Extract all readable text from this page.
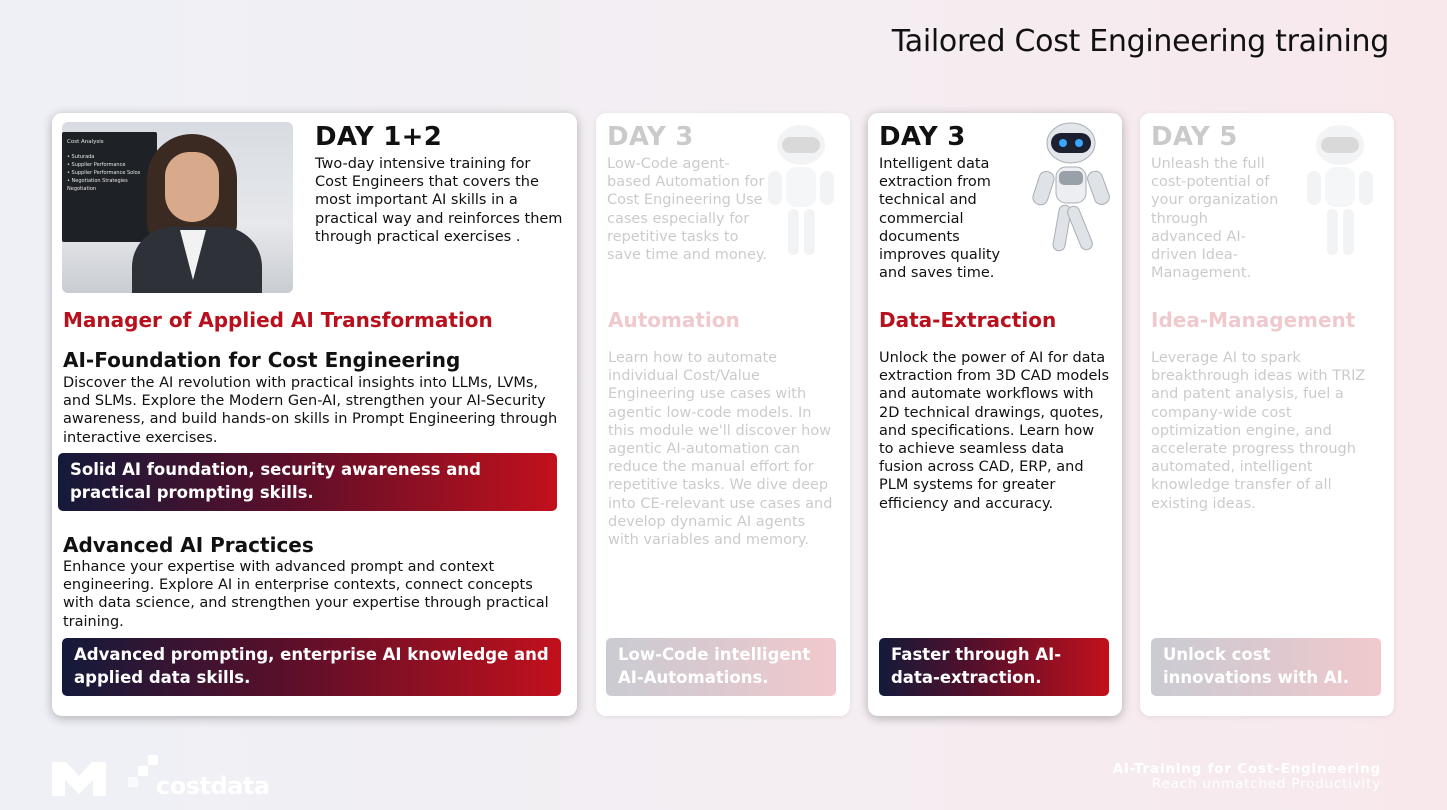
Tailored Cost Engineering training
Cost Analysis
• Suturada
• Supplier Performance
• Supplier Performance Solos
• Negotiation Strategies Negotiation
DAY 1+2
Two-day intensive training for Cost Engineers that covers the most important AI skills in a practical way and reinforces them through practical exercises .
Manager of Applied AI Transformation
AI-Foundation for Cost Engineering
Discover the AI revolution with practical insights into LLMs, LVMs, and SLMs. Explore the Modern Gen-AI, strengthen your AI-Security awareness, and build hands-on skills in Prompt Engineering through interactive exercises.
Solid AI foundation, security awareness and practical prompting skills.
Advanced AI Practices
Enhance your expertise with advanced prompt and context engineering. Explore AI in enterprise contexts, connect concepts with data science, and strengthen your expertise through practical training.
Advanced prompting, enterprise AI knowledge and applied data skills.
DAY 3
Low-Code agent-based Automation for Cost Engineering Use cases especially for repetitive tasks to save time and money.
Automation
Learn how to automate individual Cost/Value Engineering use cases with agentic low-code models. In this module we'll discover how agentic AI-automation can reduce the manual effort for repetitive tasks. We dive deep into CE-relevant use cases and develop dynamic AI agents with variables and memory.
Low-Code intelligent AI-Automations.
DAY 3
Intelligent data extraction from technical and commercial documents improves quality and saves time.
Data-Extraction
Unlock the power of AI for data extraction from 3D CAD models and automate workflows with 2D technical drawings, quotes, and specifications. Learn how to achieve seamless data fusion across CAD, ERP, and PLM systems for greater efficiency and accuracy.
Faster through AI-data-extraction.
DAY 5
Unleash the full cost-potential of your organization through advanced AI-driven Idea-Management.
Idea-Management
Leverage AI to spark breakthrough ideas with TRIZ and patent analysis, fuel a company-wide cost optimization engine, and accelerate progress through automated, intelligent knowledge transfer of all existing ideas.
Unlock cost innovations with AI.
costdata
AI-Training for Cost-Engineering
Reach unmatched Productivity
